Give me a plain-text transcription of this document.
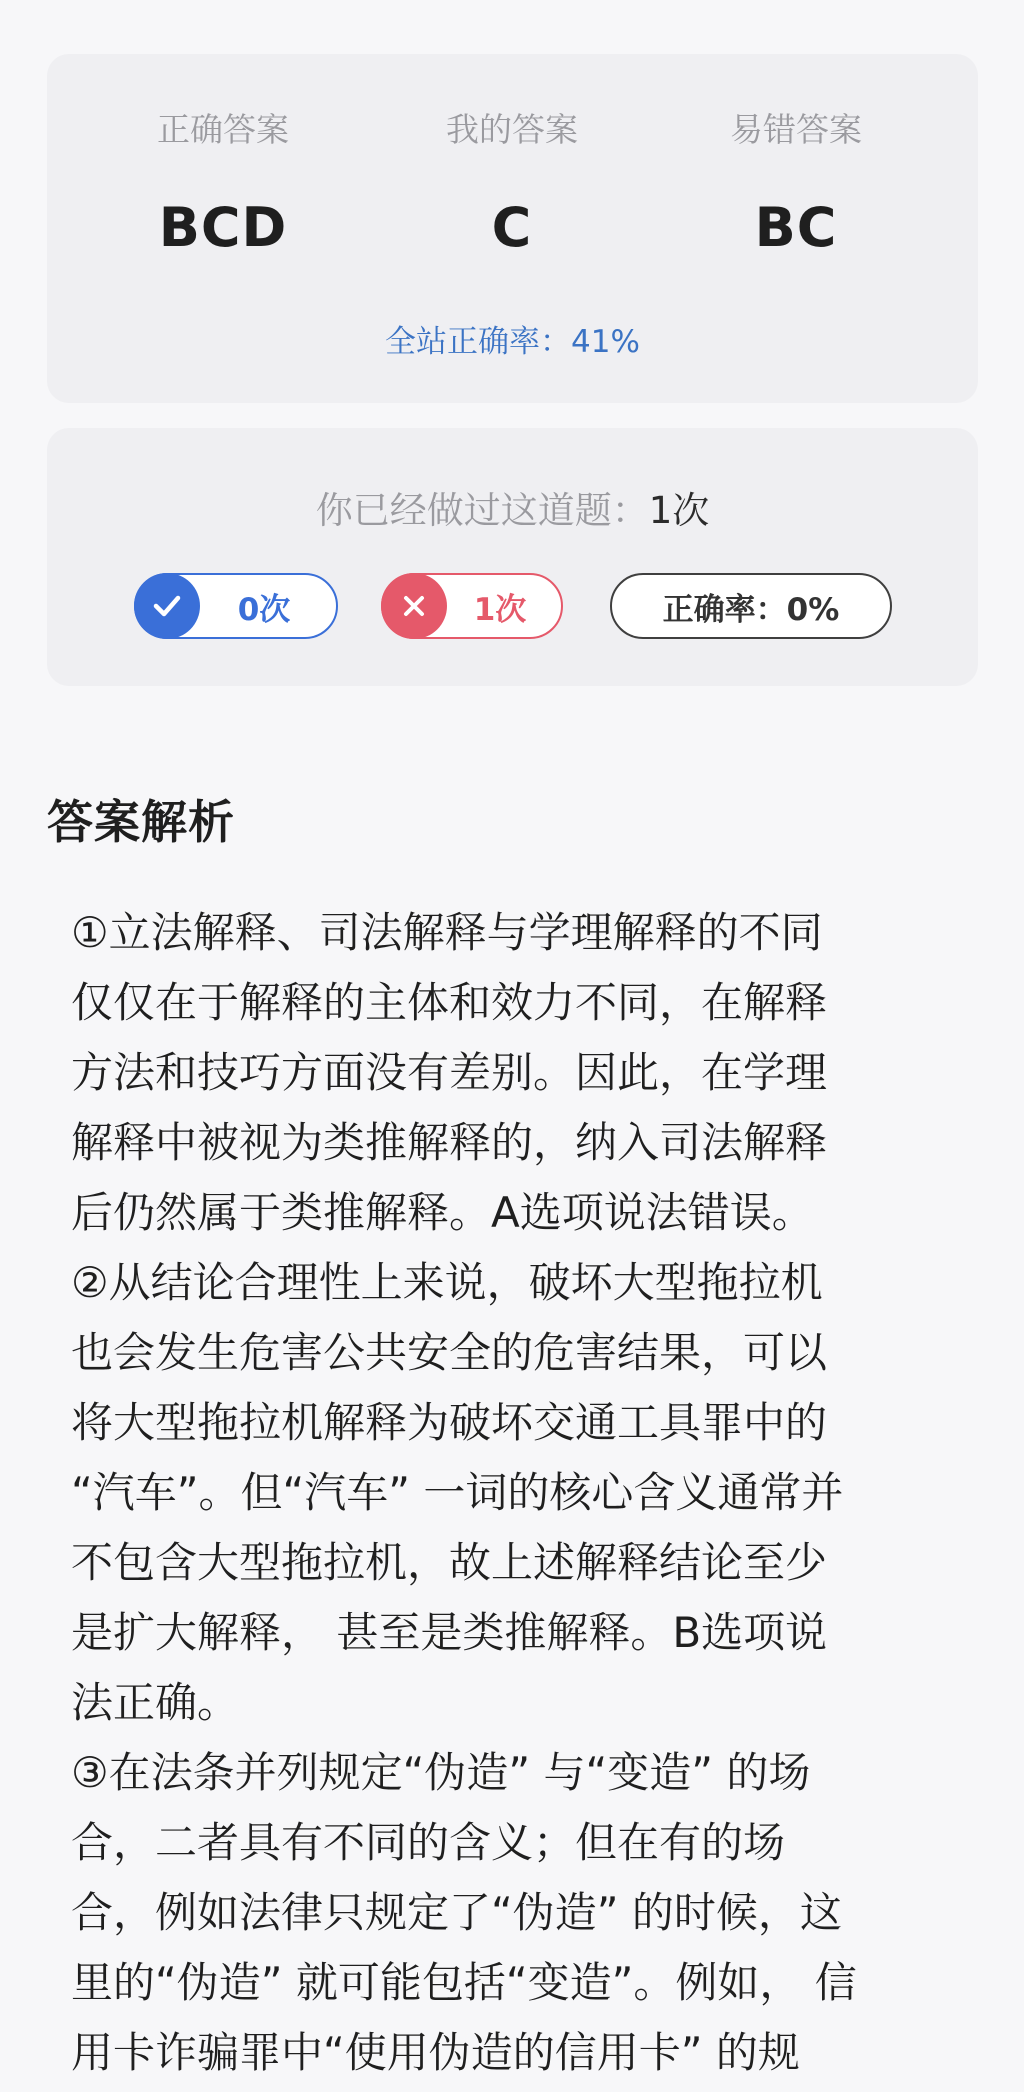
正确答案
BCD
我的答案
C
易错答案
BC
全站正确率：41%
你已经做过这道题：1次
0次	1次	正确率：0%
答案解析

①立法解释、司法解释与学理解释的不同

仅仅在于解释的主体和效力不同，在解释

方法和技巧方面没有差别。因此，在学理

解释中被视为类推解释的，纳入司法解释

后仍然属于类推解释。A选项说法错误。

②从结论合理性上来说，破坏大型拖拉机

也会发生危害公共安全的危害结果，可以

将大型拖拉机解释为破坏交通工具罪中的

“汽车”。但“汽车” 一词的核心含义通常并

不包含大型拖拉机，故上述解释结论至少

是扩大解释， 甚至是类推解释。B选项说

法正确。

③在法条并列规定“伪造” 与“变造” 的场

合，二者具有不同的含义；但在有的场

合，例如法律只规定了“伪造” 的时候，这

里的“伪造” 就可能包括“变造”。例如， 信

用卡诈骗罪中“使用伪造的信用卡” 的规
